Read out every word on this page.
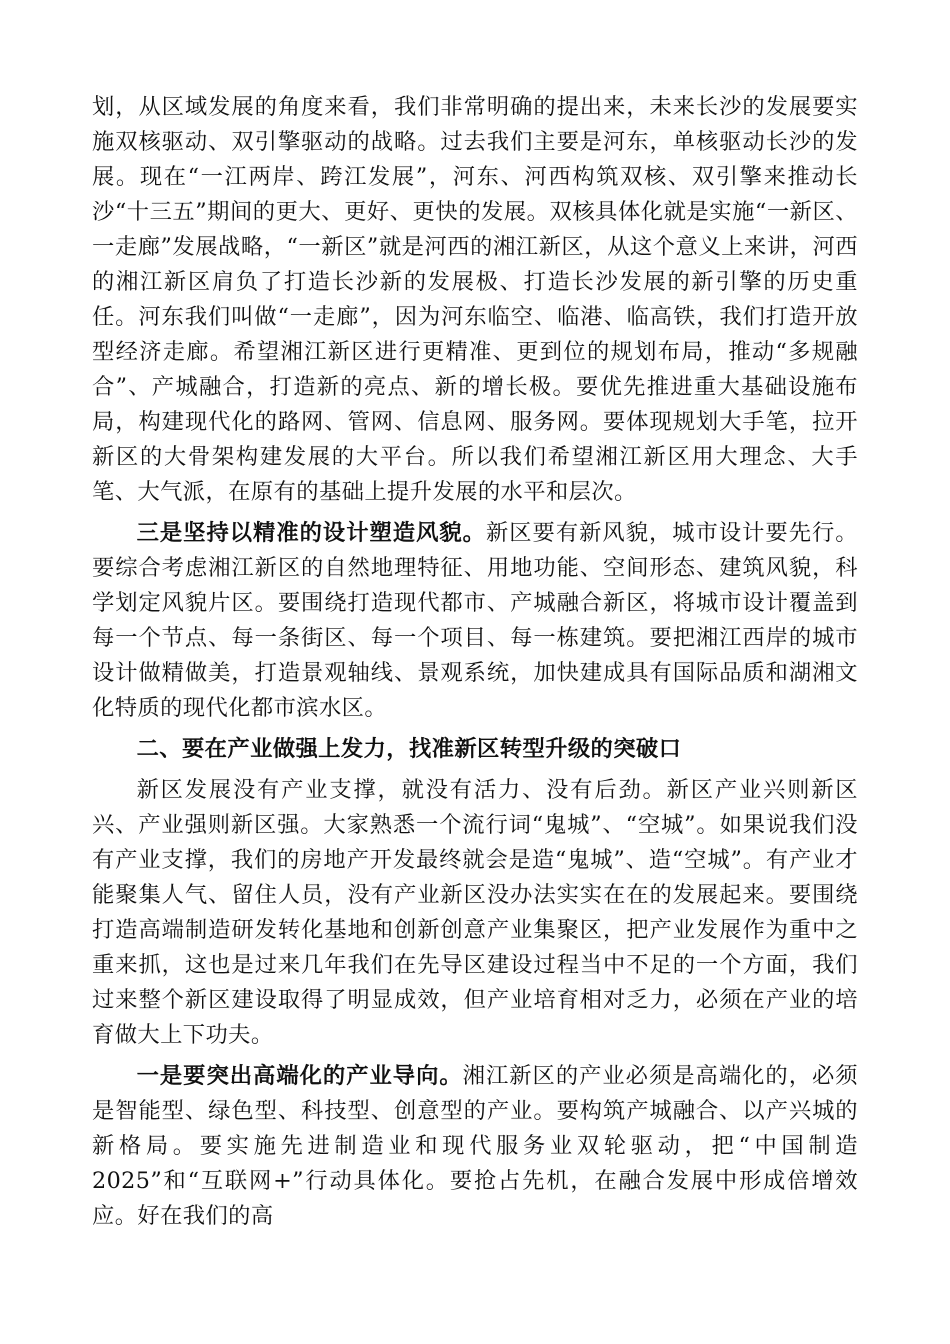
划，从区域发展的角度来看，我们非常明确的提出来，未来长沙的发展要实施双核驱动、双引擎驱动的战略。过去我们主要是河东，单核驱动长沙的发展。现在“一江两岸、跨江发展”，河东、河西构筑双核、双引擎来推动长沙“十三五”期间的更大、更好、更快的发展。双核具体化就是实施“一新区、一走廊”发展战略，“一新区”就是河西的湘江新区，从这个意义上来讲，河西的湘江新区肩负了打造长沙新的发展极、打造长沙发展的新引擎的历史重任。河东我们叫做“一走廊”，因为河东临空、临港、临高铁，我们打造开放型经济走廊。希望湘江新区进行更精准、更到位的规划布局，推动“多规融合”、产城融合，打造新的亮点、新的增长极。要优先推进重大基础设施布局，构建现代化的路网、管网、信息网、服务网。要体现规划大手笔，拉开新区的大骨架构建发展的大平台。所以我们希望湘江新区用大理念、大手笔、大气派，在原有的基础上提升发展的水平和层次。

三是坚持以精准的设计塑造风貌。新区要有新风貌，城市设计要先行。要综合考虑湘江新区的自然地理特征、用地功能、空间形态、建筑风貌，科学划定风貌片区。要围绕打造现代都市、产城融合新区，将城市设计覆盖到每一个节点、每一条街区、每一个项目、每一栋建筑。要把湘江西岸的城市设计做精做美，打造景观轴线、景观系统，加快建成具有国际品质和湖湘文化特质的现代化都市滨水区。

二、要在产业做强上发力，找准新区转型升级的突破口

新区发展没有产业支撑，就没有活力、没有后劲。新区产业兴则新区兴、产业强则新区强。大家熟悉一个流行词“鬼城”、“空城”。如果说我们没有产业支撑，我们的房地产开发最终就会是造“鬼城”、造“空城”。有产业才能聚集人气、留住人员，没有产业新区没办法实实在在的发展起来。要围绕打造高端制造研发转化基地和创新创意产业集聚区，把产业发展作为重中之重来抓，这也是过来几年我们在先导区建设过程当中不足的一个方面，我们过来整个新区建设取得了明显成效，但产业培育相对乏力，必须在产业的培育做大上下功夫。

一是要突出高端化的产业导向。湘江新区的产业必须是高端化的，必须是智能型、绿色型、科技型、创意型的产业。要构筑产城融合、以产兴城的新格局。要实施先进制造业和现代服务业双轮驱动，把“中国制造2025”和“互联网+”行动具体化。要抢占先机，在融合发展中形成倍增效应。好在我们的高
